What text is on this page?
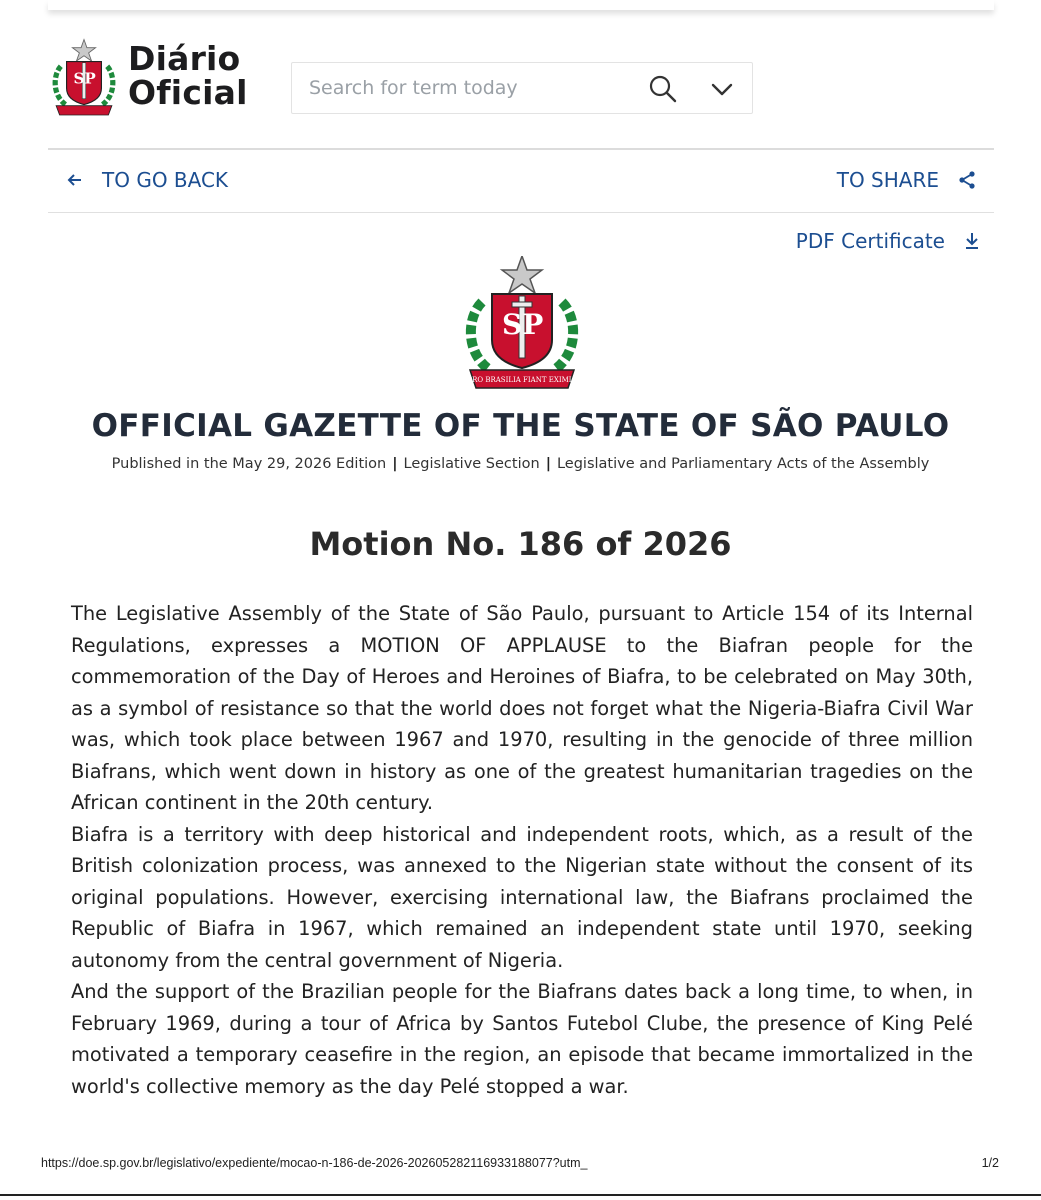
SP
Diário
Oficial
Search for term today
TO GO BACK	TO SHARE
PDF Certificate
SP
PRO BRASILIA FIANT EXIMIA
OFFICIAL GAZETTE OF THE STATE OF SÃO PAULO
Published in the May 29, 2026 Edition | Legislative Section | Legislative and Parliamentary Acts of the Assembly
Motion No. 186 of 2026

The Legislative Assembly of the State of São Paulo, pursuant to Article 154 of its Internal Regulations, expresses a MOTION OF APPLAUSE to the Biafran people for the commemoration of the Day of Heroes and Heroines of Biafra, to be celebrated on May 30th, as a symbol of resistance so that the world does not forget what the Nigeria-Biafra Civil War was, which took place between 1967 and 1970, resulting in the genocide of three million Biafrans, which went down in history as one of the greatest humanitarian tragedies on the African continent in the 20th century.

Biafra is a territory with deep historical and independent roots, which, as a result of the British colonization process, was annexed to the Nigerian state without the consent of its original populations. However, exercising international law, the Biafrans proclaimed the Republic of Biafra in 1967, which remained an independent state until 1970, seeking autonomy from the central government of Nigeria.

And the support of the Brazilian people for the Biafrans dates back a long time, to when, in February 1969, during a tour of Africa by Santos Futebol Clube, the presence of King Pelé motivated a temporary ceasefire in the region, an episode that became immortalized in the world's collective memory as the day Pelé stopped a war.

https://doe.sp.gov.br/legislativo/expediente/mocao-n-186-de-2026-202605282116933188077?utm_	1/2
